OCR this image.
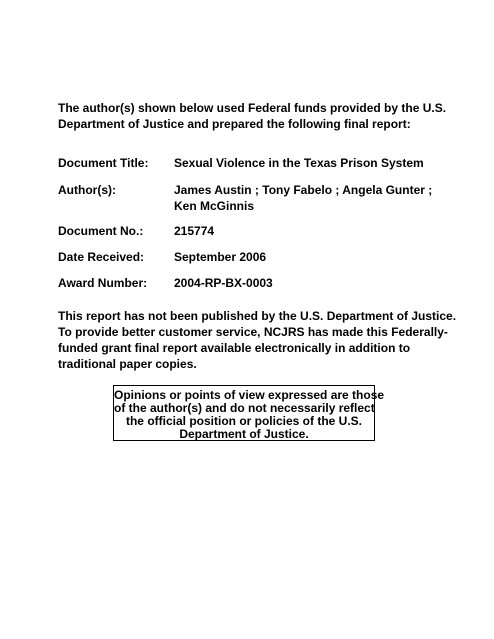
The author(s) shown below used Federal funds provided by the U.S.
Department of Justice and prepared the following final report:
Document Title: Sexual Violence in the Texas Prison System
Author(s):	James Austin ; Tony Fabelo ; Angela Gunter ;
Ken McGinnis
Document No.:	215774
Date Received: September 2006
Award Number: 2004-RP-BX-0003
This report has not been published by the U.S. Department of Justice.
To provide better customer service, NCJRS has made this Federally-
funded grant final report available electronically in addition to
traditional paper copies.
Opinions or points of view expressed are those
of the author(s) and do not necessarily reflect
the official position or policies of the U.S.
Department of Justice.
